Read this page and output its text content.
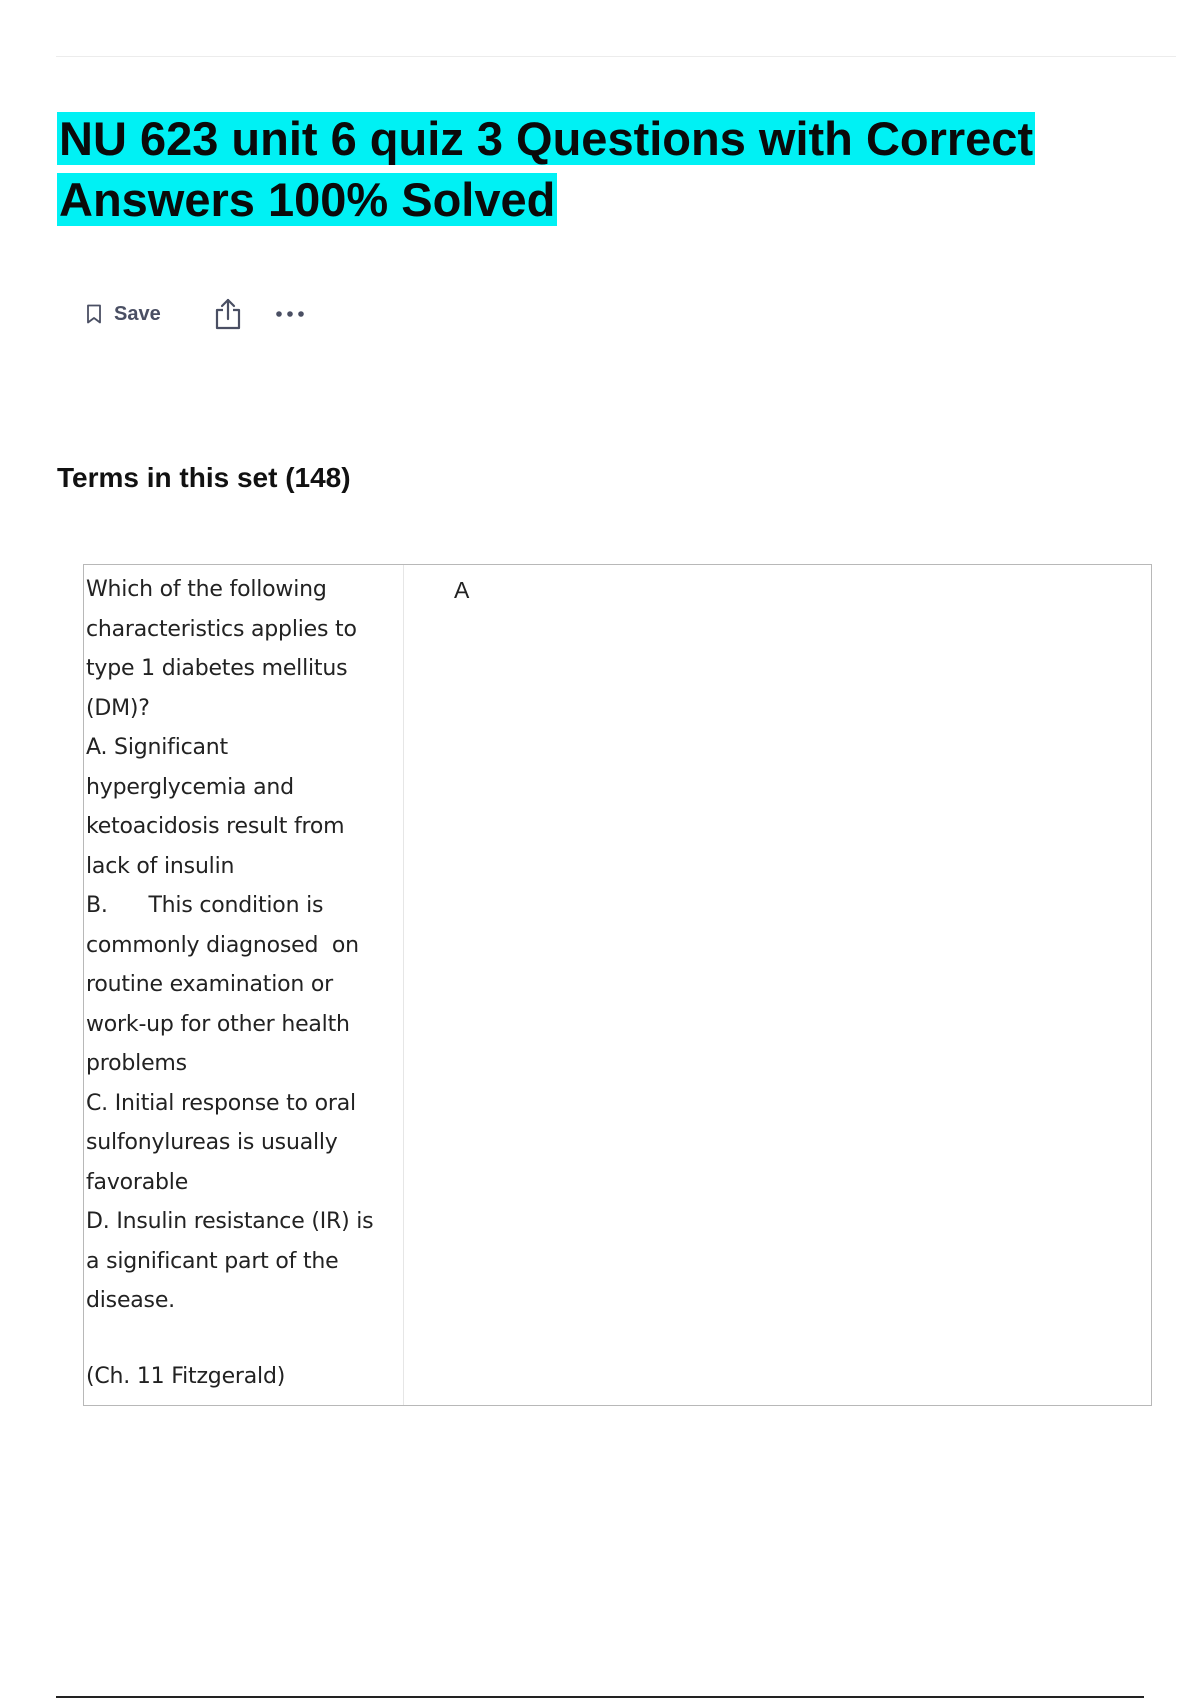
NU 623 unit 6 quiz 3 Questions with Correct Answers 100% Solved
Save
Terms in this set (148)
Which of the following
characteristics applies to
type 1 diabetes mellitus
(DM)?
A. Significant
hyperglycemia and
ketoacidosis result from
lack of insulin
B.      This condition is
commonly diagnosed  on
routine examination or
work-up for other health
problems
C. Initial response to oral
sulfonylureas is usually
favorable
D. Insulin resistance (IR) is
a significant part of the
disease.
(Ch. 11 Fitzgerald)
A
